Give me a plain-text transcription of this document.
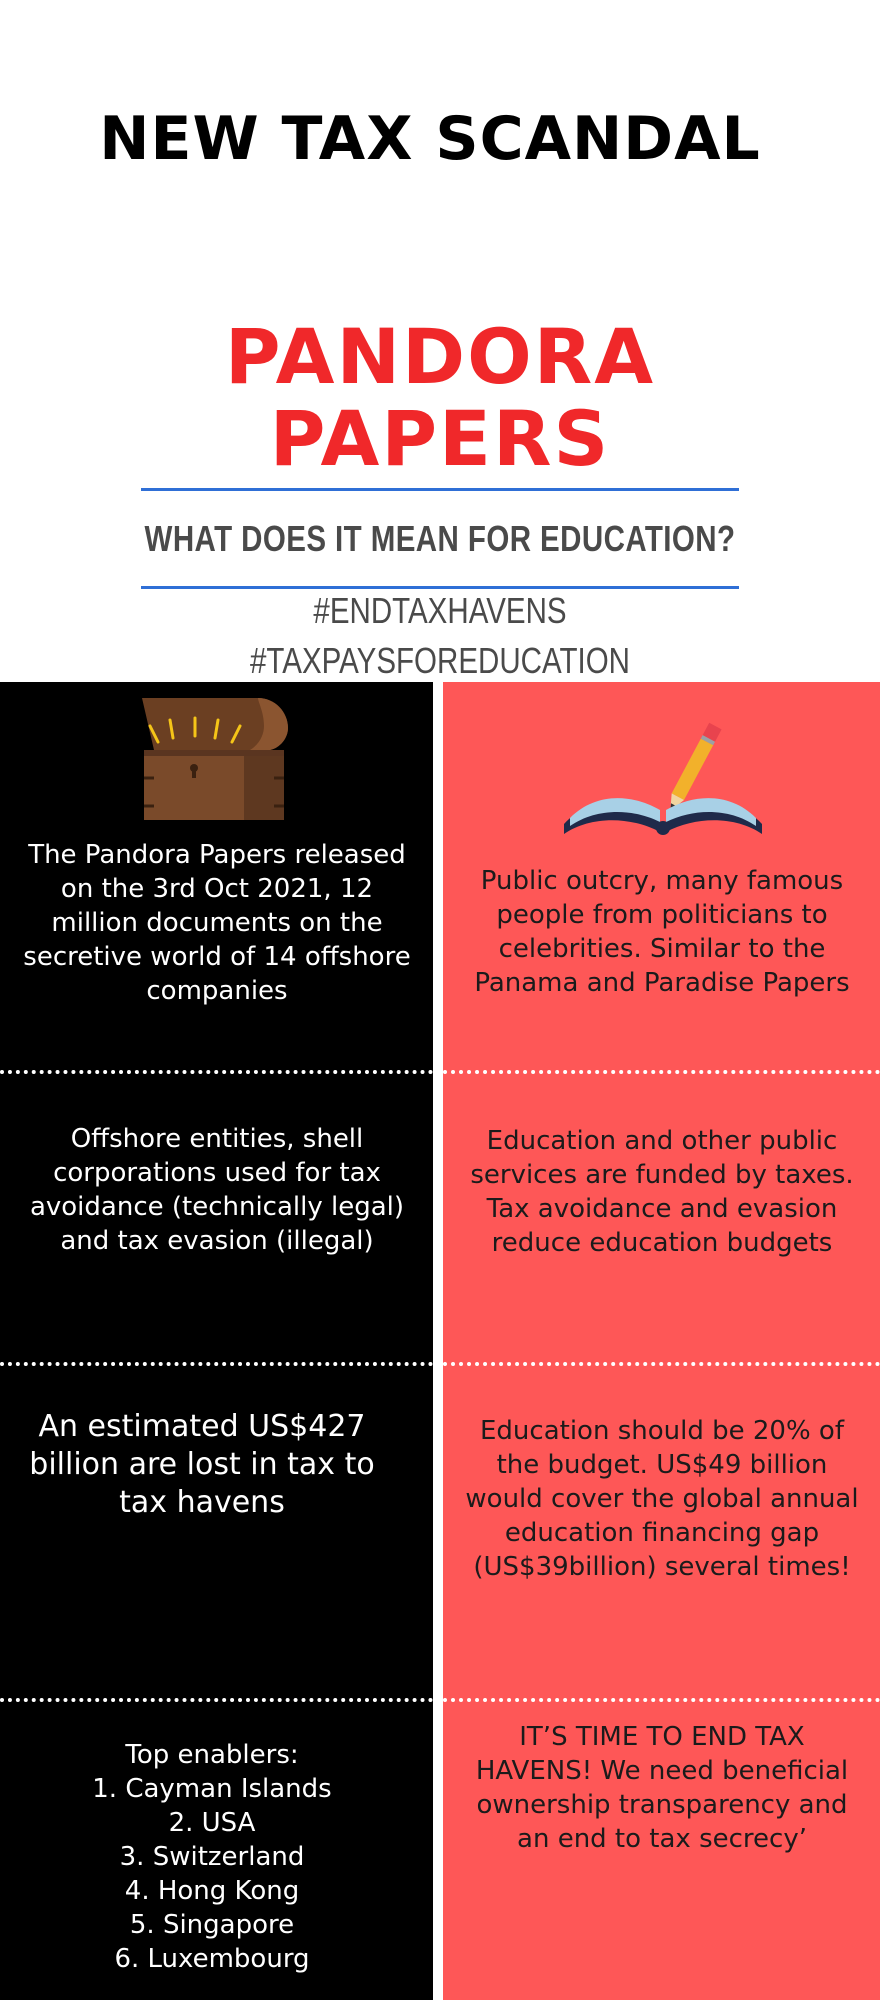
NEW TAX SCANDAL
PANDORA
PAPERS
WHAT DOES IT MEAN FOR EDUCATION?
#ENDTAXHAVENS
#TAXPAYSFOREDUCATION
The Pandora Papers released on the 3rd Oct 2021, 12 million documents on the secretive world of 14 offshore companies
Public outcry, many famous people from politicians to celebrities. Similar to the Panama and Paradise Papers
Offshore entities, shell corporations used for tax avoidance (technically legal) and tax evasion (illegal)
Education and other public services are funded by taxes. Tax avoidance and evasion reduce education budgets
An estimated US$427 billion are lost in tax to tax havens
Education should be 20% of the budget. US$49 billion would cover the global annual education financing gap (US$39billion) several times!
Top enablers:
1. Cayman Islands
2. USA
3. Switzerland
4. Hong Kong
5. Singapore
6. Luxembourg
IT’S TIME TO END TAX HAVENS! We need beneficial ownership transparency and an end to tax secrecy’
